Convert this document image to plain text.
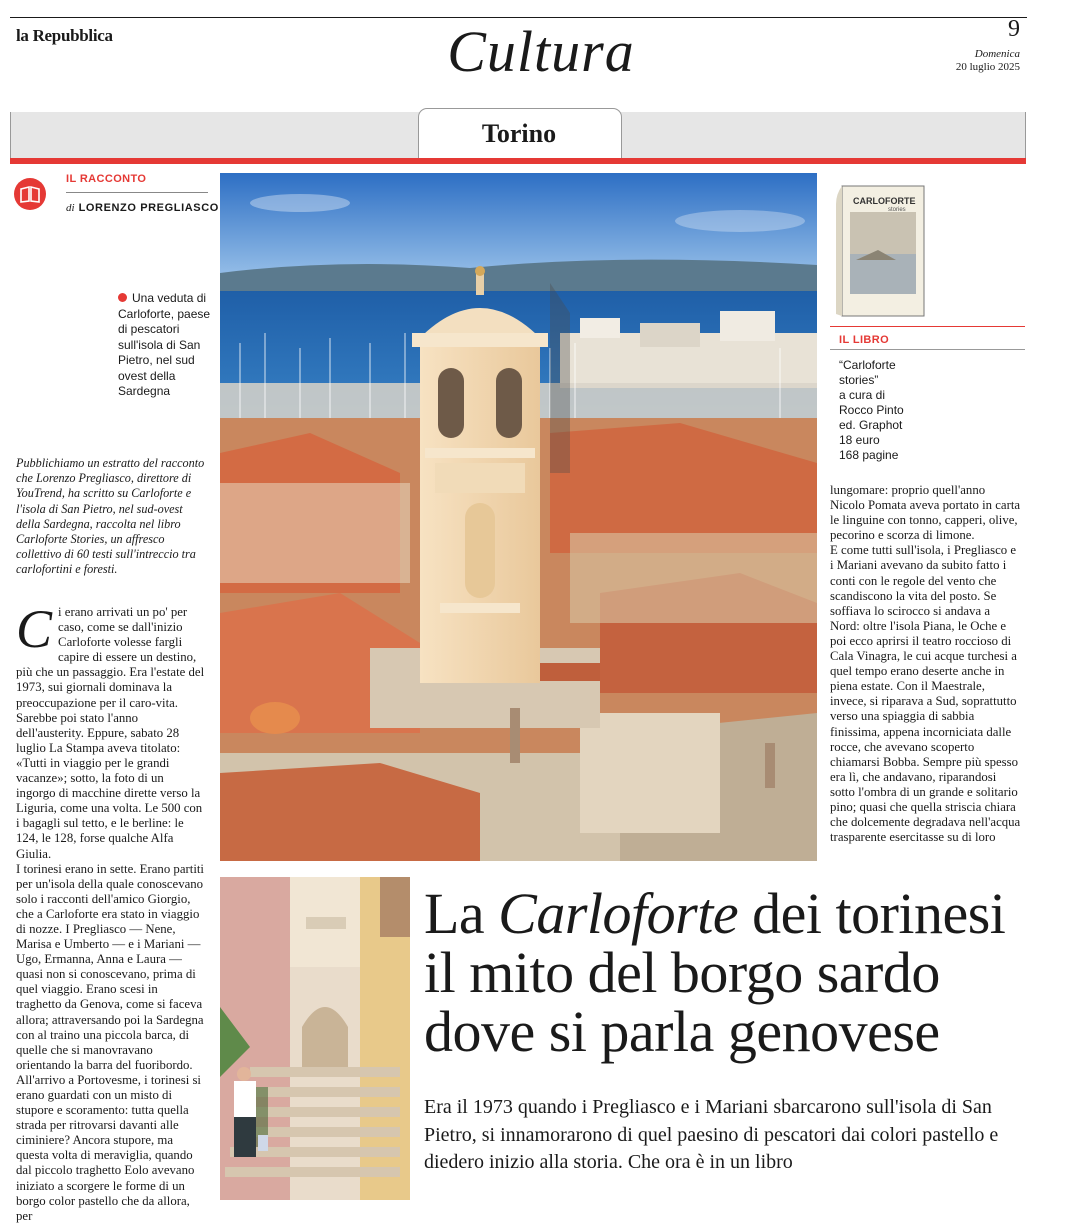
la Repubblica	Cultura	9
Domenica
20 luglio 2025
Torino
IL RACCONTO
di LORENZO PREGLIASCO
Una veduta di Carloforte, paese di pescatori sull'isola di San Pietro, nel sud ovest della Sardegna

Pubblichiamo un estratto del racconto che Lorenzo Pregliasco, direttore di YouTrend, ha scritto su Carloforte e l'isola di San Pietro, nel sud-ovest della Sardegna, raccolta nel libro Carloforte Stories, un affresco collettivo di 60 testi sull'intreccio tra carlofortini e foresti.

Ci erano arrivati un po' per caso, come se dall'inizio Carloforte volesse fargli capire di essere un destino, più che un passaggio. Era l'estate del 1973, sui giornali dominava la preoccupazione per il caro-vita. Sarebbe poi stato l'anno dell'austerity. Eppure, sabato 28 luglio La Stampa aveva titolato: «Tutti in viaggio per le grandi vacanze»; sotto, la foto di un ingorgo di macchine dirette verso la Liguria, come una volta. Le 500 con i bagagli sul tetto, e le berline: le 124, le 128, forse qualche Alfa Giulia.

I torinesi erano in sette. Erano partiti per un'isola della quale conoscevano solo i racconti dell'amico Giorgio, che a Carloforte era stato in viaggio di nozze. I Pregliasco — Nene, Marisa e Umberto — e i Mariani — Ugo, Ermanna, Anna e Laura — quasi non si conoscevano, prima di quel viaggio. Erano scesi in traghetto da Genova, come si faceva allora; attraversando poi la Sardegna con al traino una piccola barca, di quelle che si manovravano orientando la barra del fuoribordo. All'arrivo a Portovesme, i torinesi si erano guardati con un misto di stupore e scoramento: tutta quella strada per ritrovarsi davanti alle ciminiere? Ancora stupore, ma questa volta di meraviglia, quando dal piccolo traghetto Eolo avevano iniziato a scorgere le forme di un borgo color pastello che da allora, per

CARLOFORTE
stories
IL LIBRO
“Carloforte
stories”
a cura di
Rocco Pinto
ed. Graphot
18 euro
168 pagine

lungomare: proprio quell'anno Nicolo Pomata aveva portato in carta le linguine con tonno, capperi, olive, pecorino e scorza di limone.

E come tutti sull'isola, i Pregliasco e i Mariani avevano da subito fatto i conti con le regole del vento che scandiscono la vita del posto. Se soffiava lo scirocco si andava a Nord: oltre l'isola Piana, le Oche e poi ecco aprirsi il teatro roccioso di Cala Vinagra, le cui acque turchesi a quel tempo erano deserte anche in piena estate. Con il Maestrale, invece, si riparava a Sud, soprattutto verso una spiaggia di sabbia finissima, appena incorniciata dalle rocce, che avevano scoperto chiamarsi Bobba. Sempre più spesso era lì, che andavano, riparandosi sotto l'ombra di un grande e solitario pino; quasi che quella striscia chiara che dolcemente degradava nell'acqua trasparente esercitasse su di loro

La Carloforte dei torinesi
il mito del borgo sardo
dove si parla genovese
Era il 1973 quando i Pregliasco e i Mariani sbarcarono sull'isola di San Pietro, si innamorarono di quel paesino di pescatori dai colori pastello e diedero inizio alla storia. Che ora è in un libro
